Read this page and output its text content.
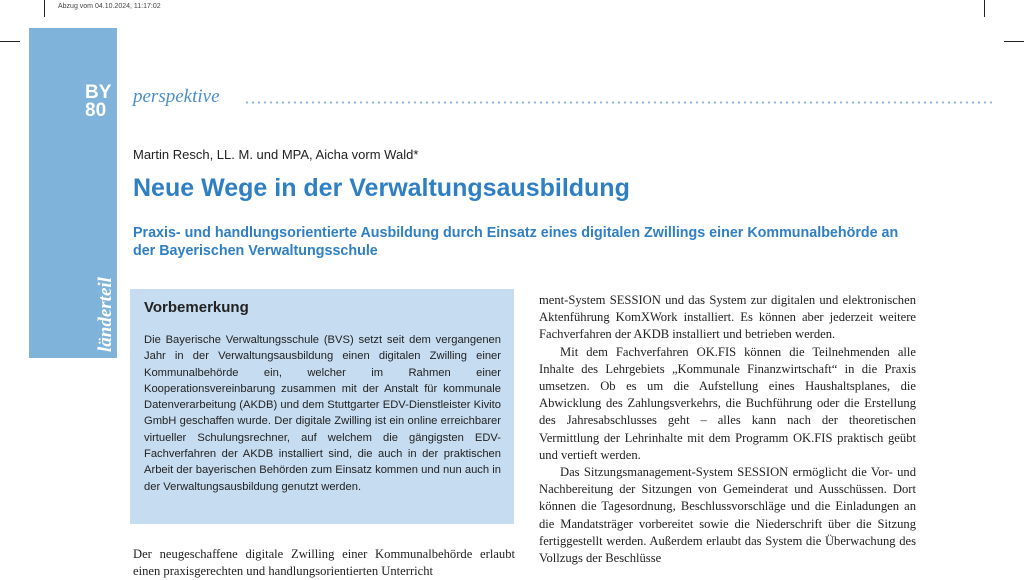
Abzug vom 04.10.2024, 11:17:02
BY
80
länderteil
perspektive
Martin Resch, LL. M. und MPA, Aicha vorm Wald*
Neue Wege in der Verwaltungsausbildung
Praxis- und handlungsorientierte Ausbildung durch Einsatz eines digitalen Zwillings einer Kommunalbehörde an der Bayerischen Verwaltungsschule
Vorbemerkung

Die Bayerische Verwaltungsschule (BVS) setzt seit dem vergangenen Jahr in der Verwaltungsausbildung einen digitalen Zwilling einer Kommunalbehörde ein, welcher im Rahmen einer Kooperationsvereinbarung zusammen mit der Anstalt für kommunale Datenverarbeitung (AKDB) und dem Stuttgarter EDV-Dienstleister Kivito GmbH geschaffen wurde. Der digitale Zwilling ist ein online erreichbarer virtueller Schulungsrechner, auf welchem die gängigsten EDV-Fachverfahren der AKDB installiert sind, die auch in der praktischen Arbeit der bayerischen Behörden zum Einsatz kommen und nun auch in der Verwaltungsausbildung genutzt werden.

Der neugeschaffene digitale Zwilling einer Kommunalbehörde erlaubt einen praxisgerechten und handlungsorientierten Unterricht

ment-System SESSION und das System zur digitalen und elektronischen Aktenführung KomXWork installiert. Es können aber jederzeit weitere Fachverfahren der AKDB installiert und betrieben werden.

Mit dem Fachverfahren OK.FIS können die Teilnehmenden alle Inhalte des Lehrgebiets „Kommunale Finanzwirtschaft“ in die Praxis umsetzen. Ob es um die Aufstellung eines Haushaltsplanes, die Abwicklung des Zahlungsverkehrs, die Buchführung oder die Erstellung des Jahresabschlusses geht – alles kann nach der theoretischen Vermittlung der Lehrinhalte mit dem Programm OK.FIS praktisch geübt und vertieft werden.

Das Sitzungsmanagement-System SESSION ermöglicht die Vor- und Nachbereitung der Sitzungen von Gemeinderat und Ausschüssen. Dort können die Tagesordnung, Beschlussvorschläge und die Einladungen an die Mandatsträger vorbereitet sowie die Niederschrift über die Sitzung fertiggestellt werden. Außerdem erlaubt das System die Überwachung des Vollzugs der Beschlüsse
